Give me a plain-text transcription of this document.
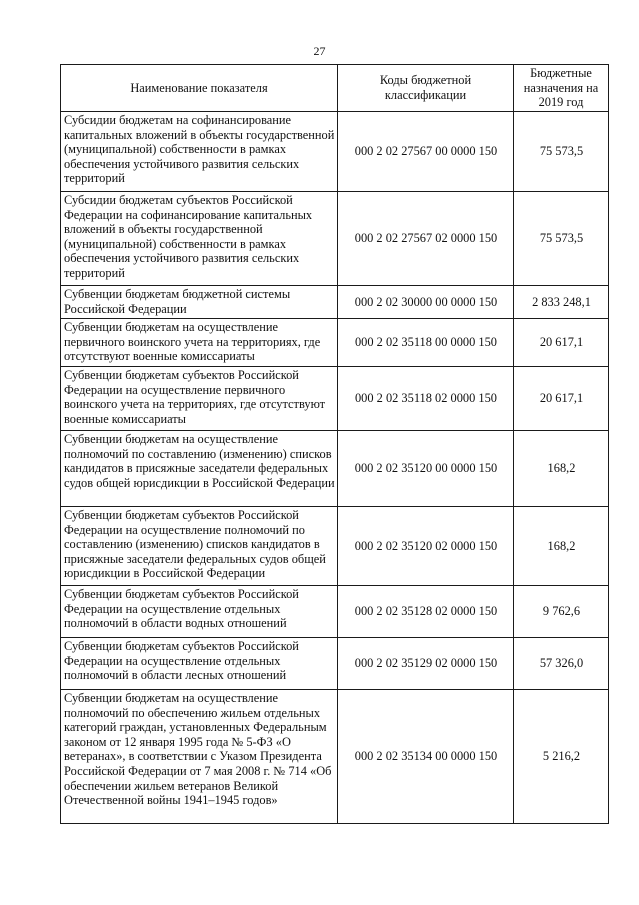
27
Наименование показателя	Коды бюджетной классификации	Бюджетные назначения на 2019 год
Субсидии бюджетам на софинансирование капитальных вложений в объекты государственной (муниципальной) собственности в рамках обеспечения устойчивого развития сельских территорий	000 2 02 27567 00 0000 150	75 573,5
Субсидии бюджетам субъектов Российской Федерации на софинансирование капитальных вложений в объекты государственной (муниципальной) собственности в рамках обеспечения устойчивого развития сельских территорий	000 2 02 27567 02 0000 150	75 573,5
Субвенции бюджетам бюджетной системы Российской Федерации	000 2 02 30000 00 0000 150	2 833 248,1
Субвенции бюджетам на осуществление первичного воинского учета на территориях, где отсутствуют военные комиссариаты	000 2 02 35118 00 0000 150	20 617,1
Субвенции бюджетам субъектов Российской Федерации на осуществление первичного воинского учета на территориях, где отсутствуют военные комиссариаты	000 2 02 35118 02 0000 150	20 617,1
Субвенции бюджетам на осуществление полномочий по составлению (изменению) списков кандидатов в присяжные заседатели федеральных судов общей юрисдикции в Российской Федерации	000 2 02 35120 00 0000 150	168,2
Субвенции бюджетам субъектов Российской Федерации на осуществление полномочий по составлению (изменению) списков кандидатов в присяжные заседатели федеральных судов общей юрисдикции в Российской Федерации	000 2 02 35120 02 0000 150	168,2
Субвенции бюджетам субъектов Российской Федерации на осуществление отдельных полномочий в области водных отношений	000 2 02 35128 02 0000 150	9 762,6
Субвенции бюджетам субъектов Российской Федерации на осуществление отдельных полномочий в области лесных отношений	000 2 02 35129 02 0000 150	57 326,0
Субвенции бюджетам на осуществление полномочий по обеспечению жильем отдельных категорий граждан, установленных Федеральным законом от 12 января 1995 года № 5-ФЗ «О ветеранах», в соответствии с Указом Президента Российской Федерации от 7 мая 2008 г. № 714 «Об обеспечении жильем ветеранов Великой Отечественной войны 1941–1945 годов»	000 2 02 35134 00 0000 150	5 216,2
